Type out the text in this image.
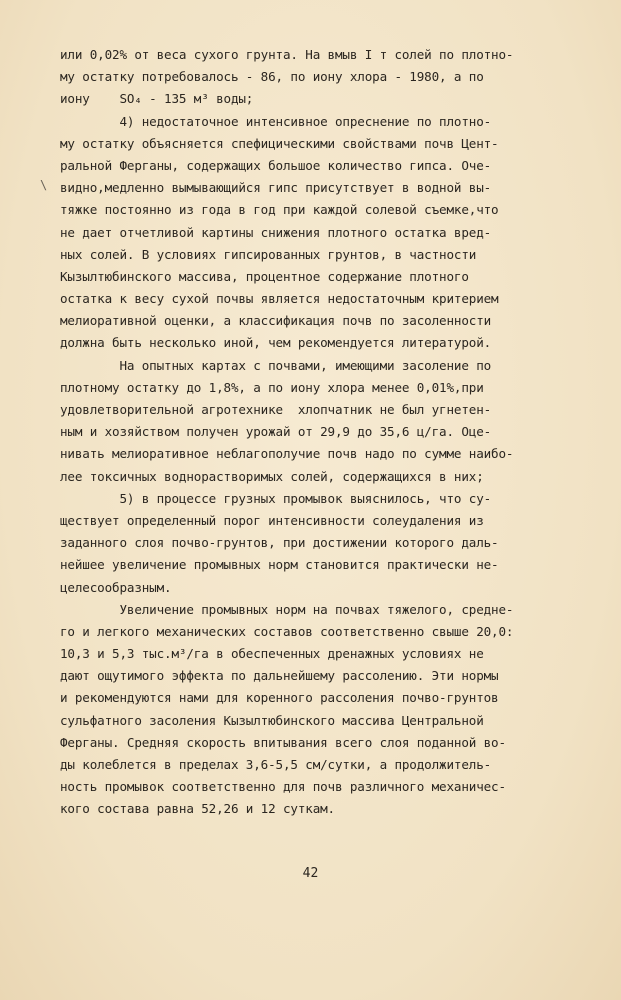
или 0,02% от веса сухого грунта. На вмыв I т солей по плотно-
му остатку потребовалось - 86, по иону хлора - 1980, а по
иону    SO₄ - 135 м³ воды;
4) недостаточное интенсивное опреснение по плотно-
му остатку объясняется спефицическими свойствами почв Цент-
ральной Ферганы, содержащих большое количество гипса. Оче-
видно,медленно вымывающийся гипс присутствует в водной вы-
тяжке постоянно из года в год при каждой солевой съемке,что
не дает отчетливой картины снижения плотного остатка вред-
ных солей. В условиях гипсированных грунтов, в частности
Кызылтюбинского массива, процентное содержание плотного
остатка к весу сухой почвы является недостаточным критерием
мелиоративной оценки, а классификация почв по засоленности
должна быть несколько иной, чем рекомендуется литературой.
На опытных картах с почвами, имеющими засоление по
плотному остатку до 1,8%, а по иону хлора менее 0,01%,при
удовлетворительной агротехнике  хлопчатник не был угнетен-
ным и хозяйством получен урожай от 29,9 до 35,6 ц/га. Оце-
нивать мелиоративное неблагополучие почв надо по сумме наибо-
лее токсичных воднорастворимых солей, содержащихся в них;
5) в процессе грузных промывок выяснилось, что су-
ществует определенный порог интенсивности солеудаления из
заданного слоя почво-грунтов, при достижении которого даль-
нейшее увеличение промывных норм становится практически не-
целесообразным.
Увеличение промывных норм на почвах тяжелого, средне-
го и легкого механических составов соответственно свыше 20,0:
10,3 и 5,3 тыс.м³/га в обеспеченных дренажных условиях не
дают ощутимого эффекта по дальнейшему рассолению. Эти нормы
и рекомендуются нами для коренного рассоления почво-грунтов
сульфатного засоления Кызылтюбинского массива Центральной
Ферганы. Средняя скорость впитывания всего слоя поданной во-
ды колеблется в пределах 3,6-5,5 см/сутки, а продолжитель-
ность промывок соответственно для почв различного механичес-
кого состава равна 52,26 и 12 суткам.
\
42
